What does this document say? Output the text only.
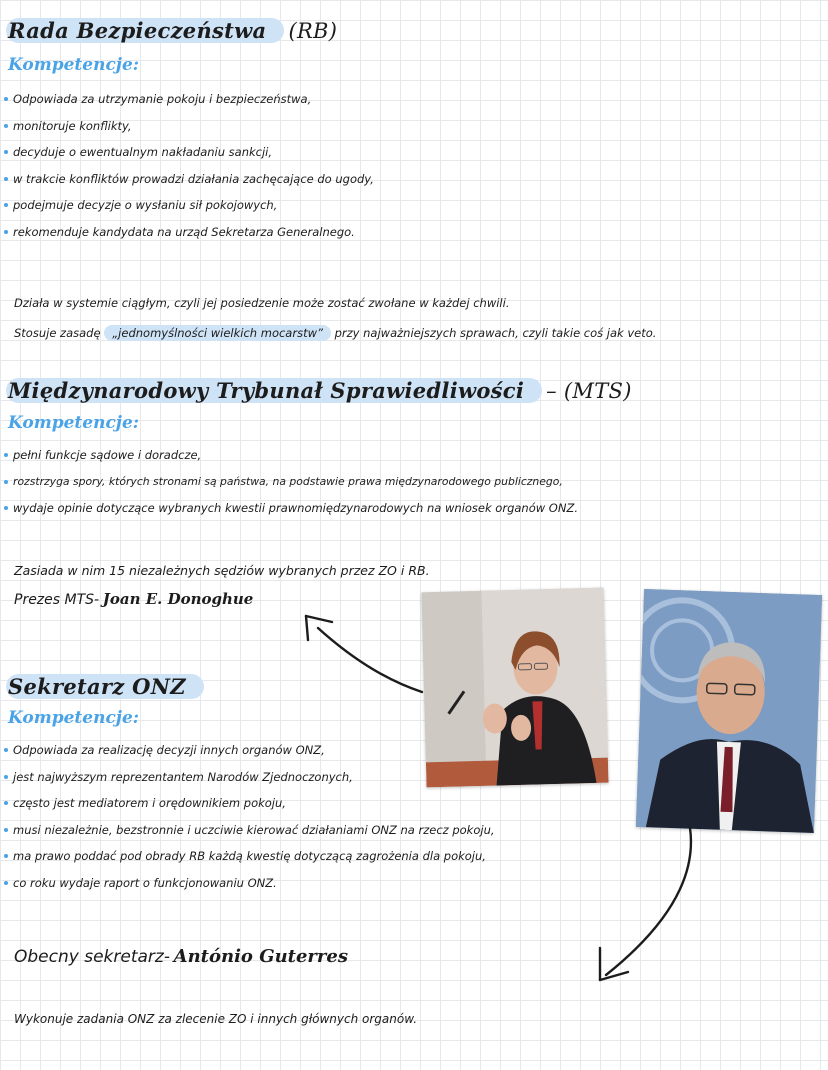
Rada Bezpieczeństwa (RB)
Kompetencje:
Odpowiada za utrzymanie pokoju i bezpieczeństwa,
monitoruje konflikty,
decyduje o ewentualnym nakładaniu sankcji,
w trakcie konfliktów prowadzi działania zachęcające do ugody,
podejmuje decyzje o wysłaniu sił pokojowych,
rekomenduje kandydata na urząd Sekretarza Generalnego.
Działa w systemie ciągłym, czyli jej posiedzenie może zostać zwołane w każdej chwili.
Stosuje zasadę „jednomyślności wielkich mocarstw” przy najważniejszych sprawach, czyli takie coś jak veto.
Międzynarodowy Trybunał Sprawiedliwości – (MTS)
Kompetencje:
pełni funkcje sądowe i doradcze,
rozstrzyga spory, których stronami są państwa, na podstawie prawa międzynarodowego publicznego,
wydaje opinie dotyczące wybranych kwestii prawnomiędzynarodowych na wniosek organów ONZ.
Zasiada w nim 15 niezależnych sędziów wybranych przez ZO i RB.
Prezes MTS- Joan E. Donoghue
Sekretarz ONZ
Kompetencje:
Odpowiada za realizację decyzji innych organów ONZ,
jest najwyższym reprezentantem Narodów Zjednoczonych,
często jest mediatorem i orędownikiem pokoju,
musi niezależnie, bezstronnie i uczciwie kierować działaniami ONZ na rzecz pokoju,
ma prawo poddać pod obrady RB każdą kwestię dotyczącą zagrożenia dla pokoju,
co roku wydaje raport o funkcjonowaniu ONZ.
Obecny sekretarz- António Guterres
Wykonuje zadania ONZ za zlecenie ZO i innych głównych organów.
